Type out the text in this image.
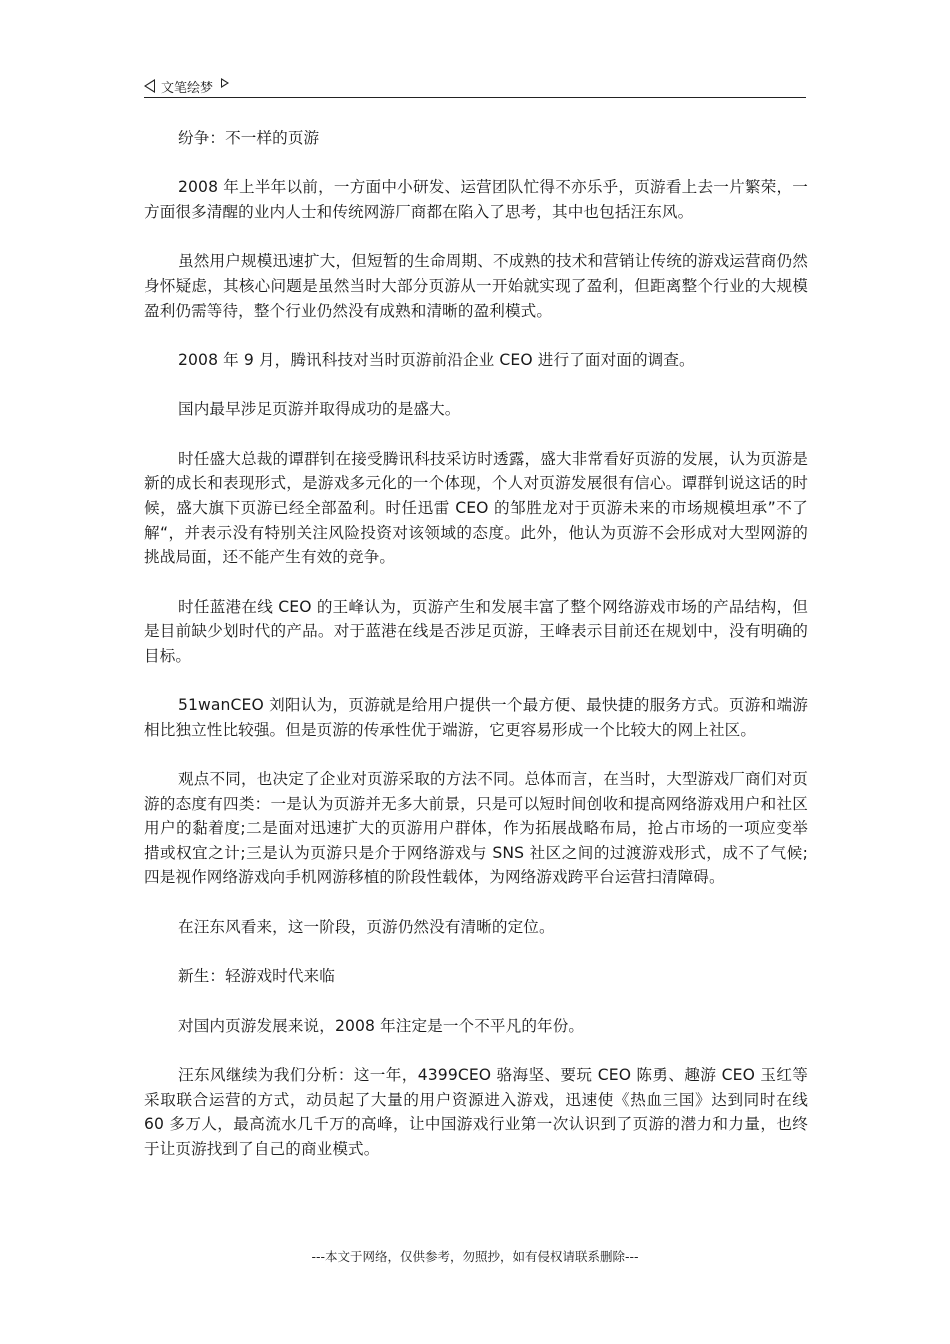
文笔绘梦

纷争：不一样的页游

2008 年上半年以前，一方面中小研发、运营团队忙得不亦乐乎，页游看上去一片繁荣，一方面很多清醒的业内人士和传统网游厂商都在陷入了思考，其中也包括汪东风。

虽然用户规模迅速扩大，但短暂的生命周期、不成熟的技术和营销让传统的游戏运营商仍然身怀疑虑，其核心问题是虽然当时大部分页游从一开始就实现了盈利，但距离整个行业的大规模盈利仍需等待，整个行业仍然没有成熟和清晰的盈利模式。

2008 年 9 月，腾讯科技对当时页游前沿企业 CEO 进行了面对面的调查。

国内最早涉足页游并取得成功的是盛大。

时任盛大总裁的谭群钊在接受腾讯科技采访时透露，盛大非常看好页游的发展，认为页游是新的成长和表现形式，是游戏多元化的一个体现，个人对页游发展很有信心。谭群钊说这话的时候，盛大旗下页游已经全部盈利。时任迅雷 CEO 的邹胜龙对于页游未来的市场规模坦承”不了解“，并表示没有特别关注风险投资对该领域的态度。此外，他认为页游不会形成对大型网游的挑战局面，还不能产生有效的竞争。

时任蓝港在线 CEO 的王峰认为，页游产生和发展丰富了整个网络游戏市场的产品结构，但是目前缺少划时代的产品。对于蓝港在线是否涉足页游，王峰表示目前还在规划中，没有明确的目标。

51wanCEO 刘阳认为，页游就是给用户提供一个最方便、最快捷的服务方式。页游和端游相比独立性比较强。但是页游的传承性优于端游，它更容易形成一个比较大的网上社区。

观点不同，也决定了企业对页游采取的方法不同。总体而言，在当时，大型游戏厂商们对页游的态度有四类：一是认为页游并无多大前景，只是可以短时间创收和提高网络游戏用户和社区用户的黏着度;二是面对迅速扩大的页游用户群体，作为拓展战略布局，抢占市场的一项应变举措或权宜之计;三是认为页游只是介于网络游戏与 SNS 社区之间的过渡游戏形式，成不了气候;四是视作网络游戏向手机网游移植的阶段性载体，为网络游戏跨平台运营扫清障碍。

在汪东风看来，这一阶段，页游仍然没有清晰的定位。

新生：轻游戏时代来临

对国内页游发展来说，2008 年注定是一个不平凡的年份。

汪东风继续为我们分析：这一年，4399CEO 骆海坚、要玩 CEO 陈勇、趣游 CEO 玉红等采取联合运营的方式，动员起了大量的用户资源进入游戏，迅速使《热血三国》达到同时在线 60 多万人，最高流水几千万的高峰，让中国游戏行业第一次认识到了页游的潜力和力量，也终于让页游找到了自己的商业模式。

---本文于网络，仅供参考，勿照抄，如有侵权请联系删除---
